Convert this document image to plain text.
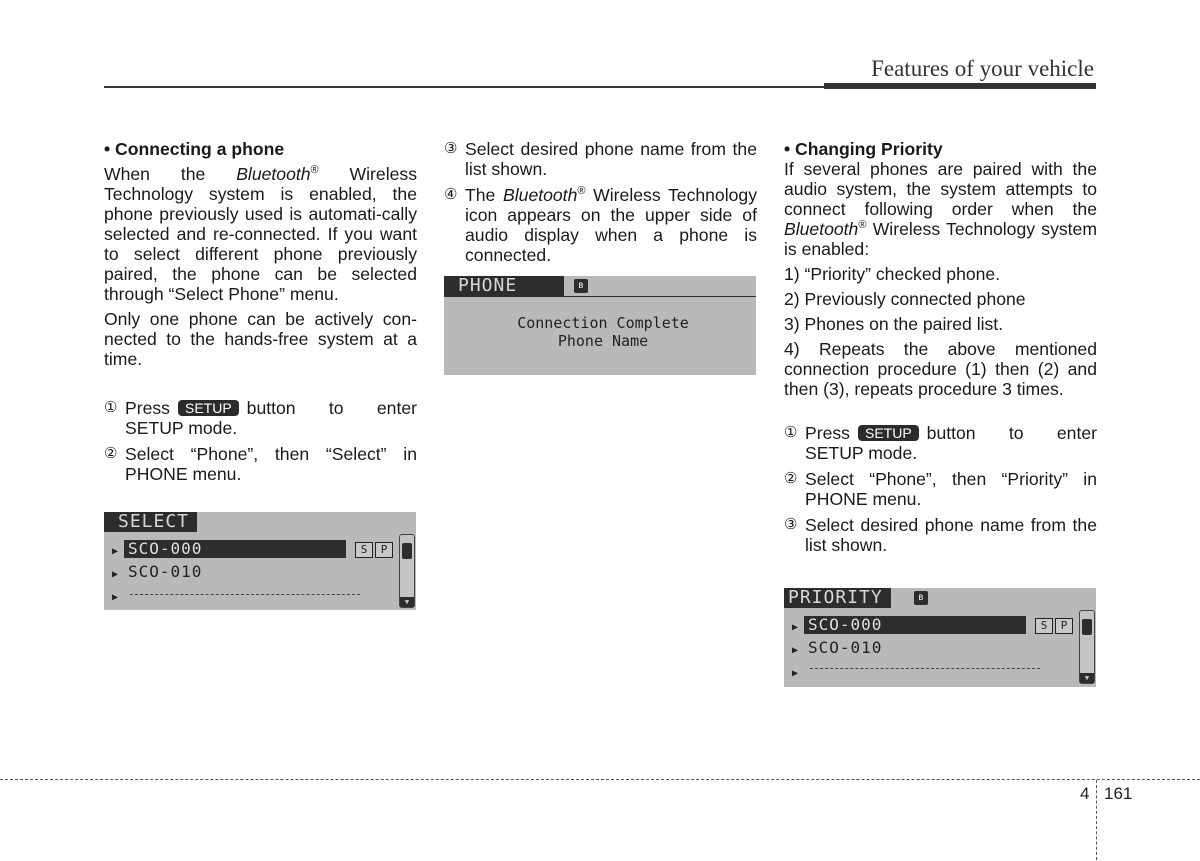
Features of your vehicle

• Connecting a phone

When the Bluetooth® Wireless Technology system is enabled, the phone previously used is automati-cally selected and re-connected. If you want to select different phone previously paired, the phone can be selected through “Select Phone” menu.

Only one phone can be actively con-nected to the hands-free system at a time.

① Press SETUP button to enter SETUP mode.
② Select “Phone”, then “Select” in PHONE menu.
SELECT
▶ SCO-000	S	P
▶ SCO-010
▶	▼
③ Select desired phone name from the list shown.
④ The Bluetooth® Wireless Technology icon appears on the upper side of audio display when a phone is connected.
PHONE	ʙ
Connection Complete
Phone Name

• Changing Priority

If several phones are paired with the audio system, the system attempts to connect following order when the Bluetooth® Wireless Technology system is enabled:

1) “Priority” checked phone.

2) Previously connected phone

3) Phones on the paired list.

4) Repeats the above mentioned connection procedure (1) then (2) and then (3), repeats procedure 3 times.

① Press SETUP button to enter SETUP mode.
② Select “Phone”, then “Priority” in PHONE menu.
③ Select desired phone name from the list shown.
PRIORITY	ʙ
▶ SCO-000	S	P
▶ SCO-010
▶	▼
4 161
